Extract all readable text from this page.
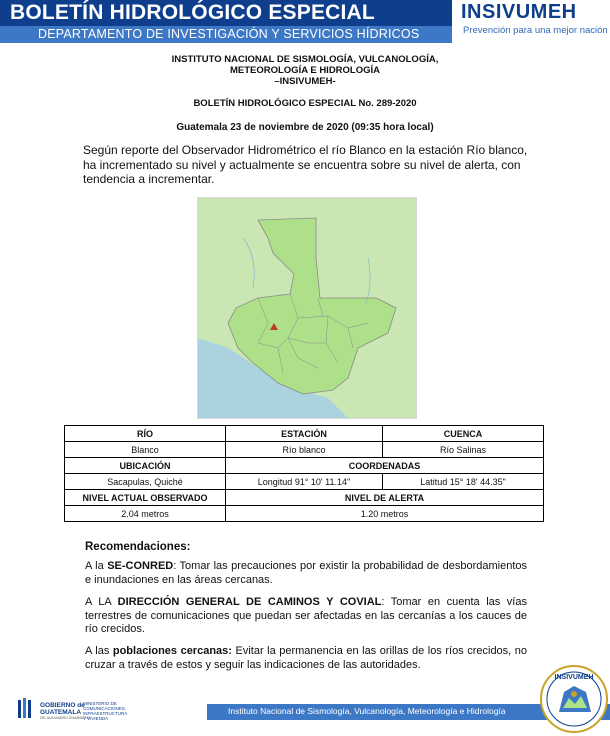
BOLETÍN HIDROLÓGICO ESPECIAL
DEPARTAMENTO DE INVESTIGACIÓN Y SERVICIOS HÍDRICOS
INSIVUMEH
Prevención para una mejor nación
INSTITUTO NACIONAL DE SISMOLOGÍA, VULCANOLOGÍA,
METEOROLOGÍA E HIDROLOGÍA
–INSIVUMEH-
BOLETÍN HIDROLÓGICO ESPECIAL No. 289-2020
Guatemala 23 de noviembre de 2020 (09:35 hora local)
Según reporte del Observador Hidrométrico el río Blanco en la estación Río blanco, ha incrementado su nivel y actualmente se encuentra sobre su nivel de alerta, con tendencia a incrementar.
RÍO	ESTACIÓN	CUENCA
Blanco	Río blanco	Río Salinas
UBICACIÓN	COORDENADAS	
Sacapulas, Quiché	Longitud 91° 10' 11.14"	Latitud 15° 18' 44.35"
NIVEL ACTUAL OBSERVADO	NIVEL DE ALERTA	
2.04 metros	1.20 metros	
Recomendaciones:
A la SE-CONRED: Tomar las precauciones por existir la probabilidad de desbordamientos e inundaciones en las áreas cercanas.
A LA DIRECCIÓN GENERAL DE CAMINOS Y COVIAL: Tomar en cuenta las vías terrestres de comunicaciones que puedan ser afectadas en las cercanías a los cauces de río crecidos.
A las poblaciones cercanas: Evitar la permanencia en las orillas de los ríos crecidos, no cruzar a través de estos y seguir las indicaciones de las autoridades.
GOBIERNO de
GUATEMALA
DR. ALEJANDRO GIAMMATTEI
MINISTERIO DE
COMUNICACIONES,
INFRAESTRUCTURA
Y VIVIENDA
Instituto Nacional de Sismología, Vulcanología, Meteorología e Hidrología
INSIVUMEH
